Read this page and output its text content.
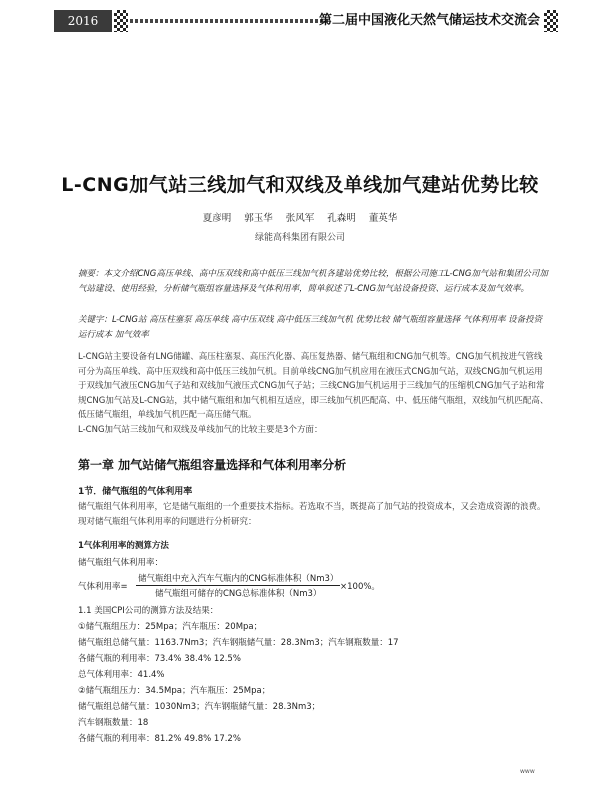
2016	第二届中国液化天然气储运技术交流会
L-CNG加气站三线加气和双线及单线加气建站优势比较
夏彦明 郭玉华 张风军 孔森明 董英华
绿能高科集团有限公司
摘要：本文介绍CNG高压单线、高中压双线和高中低压三线加气机各建站优势比较，根据公司施工L-CNG加气站和集团公司加气站建设、使用经验，分析储气瓶组容量选择及气体利用率，简单叙述了L-CNG加气站设备投资、运行成本及加气效率。
关键字：L-CNG站 高压柱塞泵 高压单线 高中压双线 高中低压三线加气机 优势比较 储气瓶组容量选择 气体利用率 设备投资 运行成本 加气效率

L-CNG站主要设备有LNG储罐、高压柱塞泵、高压汽化器、高压复热器、储气瓶组和CNG加气机等。CNG加气机按进气管线可分为高压单线、高中压双线和高中低压三线加气机。目前单线CNG加气机应用在液压式CNG加气站，双线CNG加气机运用于双线加气液压CNG加气子站和双线加气液压式CNG加气子站；三线CNG加气机运用于三线加气的压缩机CNG加气子站和常规CNG加气站及L-CNG站，其中储气瓶组和加气机相互适应，即三线加气机匹配高、中、低压储气瓶组，双线加气机匹配高、低压储气瓶组，单线加气机匹配一高压储气瓶。

L-CNG加气站三线加气和双线及单线加气的比较主要是3个方面：

第一章 加气站储气瓶组容量选择和气体利用率分析
1节．储气瓶组的气体利用率
储气瓶组气体利用率，它是储气瓶组的一个重要技术指标。若选取不当，既提高了加气站的投资成本，又会造成资源的浪费。现对储气瓶组气体利用率的问题进行分析研究：
1气体利用率的测算方法
储气瓶组气体利用率：
气体利用率=
储气瓶组中充入汽车气瓶内的CNG标准体积（Nm3）
储气瓶组可储存的CNG总标准体积（Nm3）
×100%。
1.1 美国CPI公司的测算方法及结果：
①储气瓶组压力：25Mpa；汽车瓶压：20Mpa；
储气瓶组总储气量：1163.7Nm3；汽车钢瓶储气量：28.3Nm3；汽车钢瓶数量：17
各储气瓶的利用率：73.4% 38.4% 12.5%
总气体利用率：41.4%
②储气瓶组压力：34.5Mpa；汽车瓶压：25Mpa；
储气瓶组总储气量：1030Nm3；汽车钢瓶储气量：28.3Nm3；
汽车钢瓶数量：18
各储气瓶的利用率：81.2% 49.8% 17.2%
www
